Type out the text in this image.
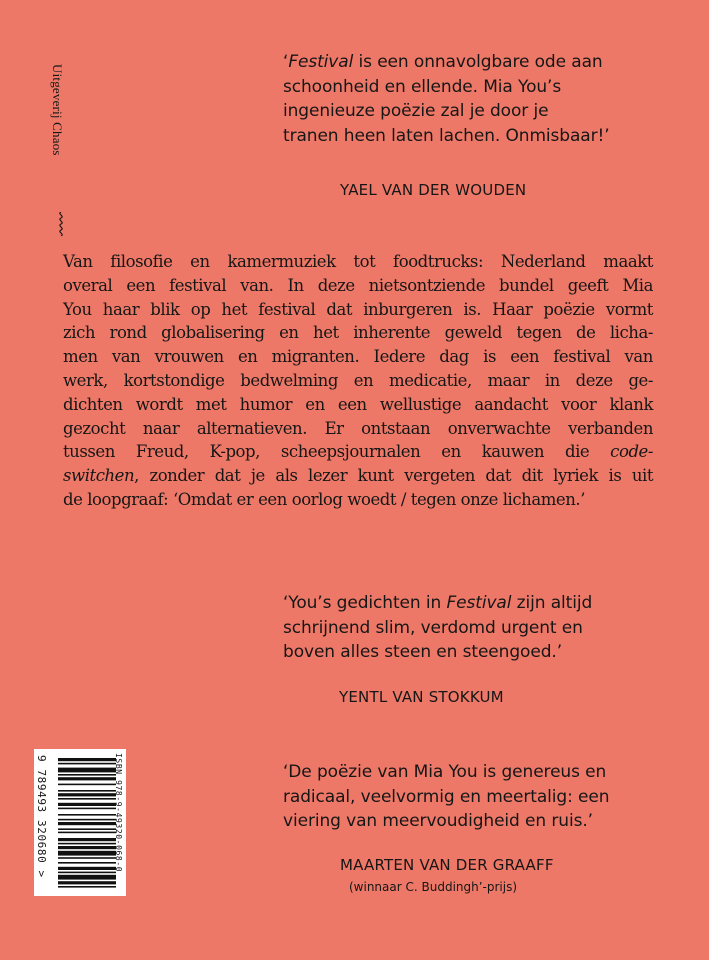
Uitgeverij Chaos
‘Festival is een onnavolgbare ode aan
schoonheid en ellende. Mia You’s
ingenieuze poëzie zal je door je
tranen heen laten lachen. Onmisbaar!’
YAEL VAN DER WOUDEN
Van filosofie en kamermuziek tot foodtrucks: Nederland maakt
overal een festival van. In deze nietsontziende bundel geeft Mia
You haar blik op het festival dat inburgeren is. Haar poëzie vormt
zich rond globalisering en het inherente geweld tegen de licha-
men van vrouwen en migranten. Iedere dag is een festival van
werk, kortstondige bedwelming en medicatie, maar in deze ge-
dichten wordt met humor en een wellustige aandacht voor klank
gezocht naar alternatieven. Er ontstaan onverwachte verbanden
tussen Freud, K-pop, scheepsjournalen en kauwen die code-
switchen, zonder dat je als lezer kunt vergeten dat dit lyriek is uit
de loopgraaf: ‘Omdat er een oorlog woedt / tegen onze lichamen.’
‘You’s gedichten in Festival zijn altijd
schrijnend slim, verdomd urgent en
boven alles steen en steengoed.’
YENTL VAN STOKKUM
‘De poëzie van Mia You is genereus en
radicaal, veelvormig en meertalig: een
viering van meervoudigheid en ruis.’
MAARTEN VAN DER GRAAFF
(winnaar C. Buddingh’-prijs)
ISBN 978-9-49320-068-0
9 789493 320680 >
